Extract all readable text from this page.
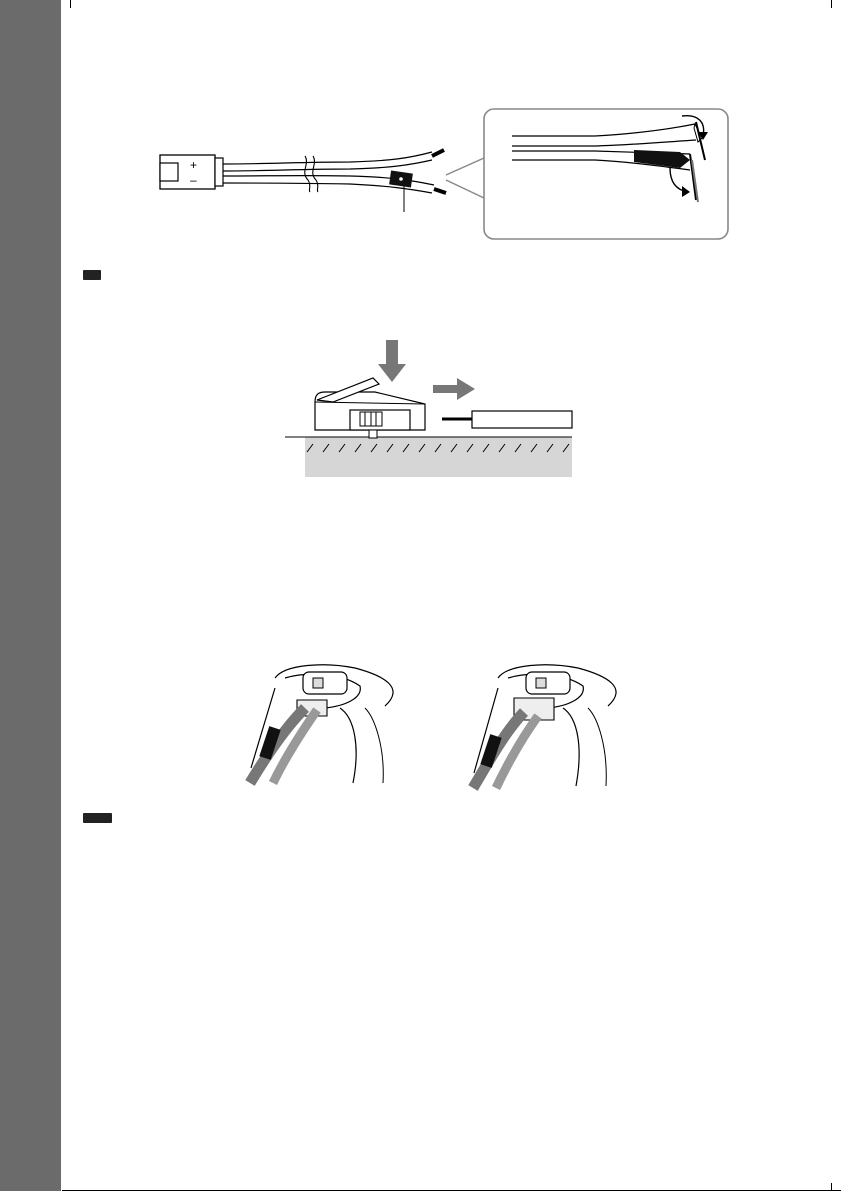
+
–
